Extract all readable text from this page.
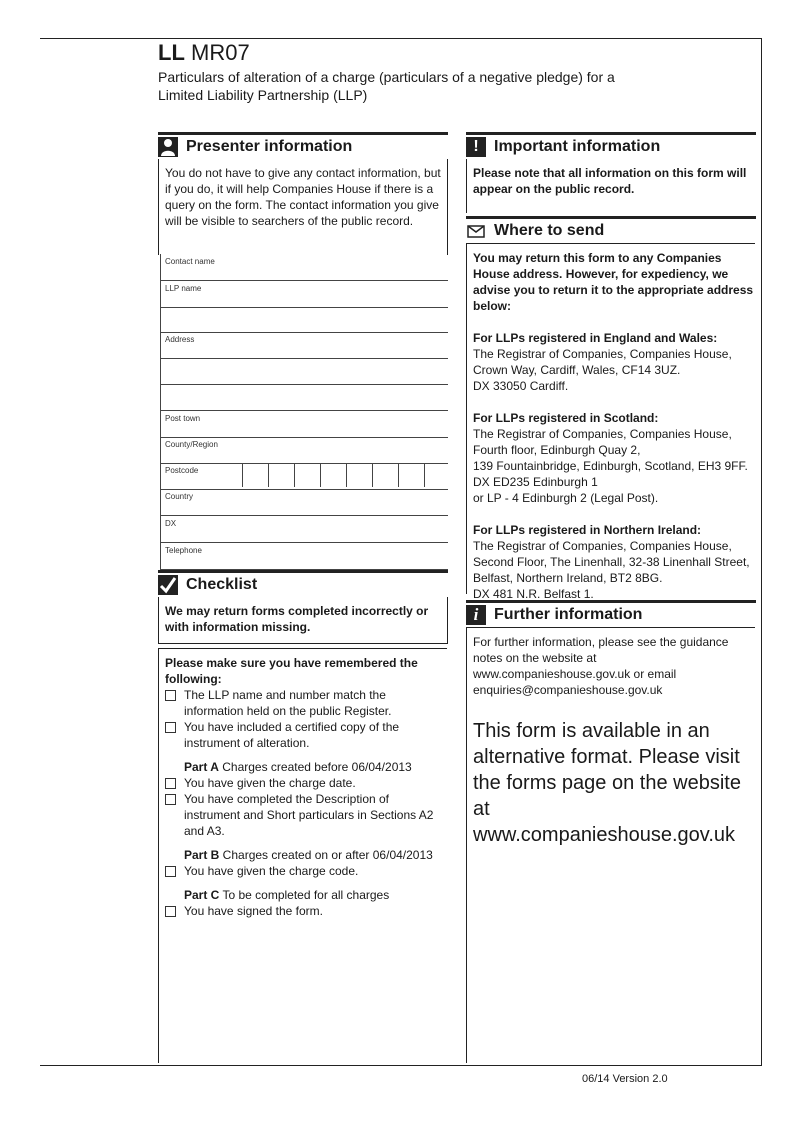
LL MR07
Particulars of alteration of a charge (particulars of a negative pledge) for a
Limited Liability Partnership (LLP)
Presenter information
You do not have to give any contact information, but if you do, it will help Companies House if there is a query on the form. The contact information you give will be visible to searchers of the public record.
Contact name
LLP name
Address
Post town
County/Region
Postcode
Country
DX
Telephone
Checklist
We may return forms completed incorrectly or with information missing.
Please make sure you have remembered the following:
The LLP name and number match the information held on the public Register.
You have included a certified copy of the instrument of alteration.
Part A Charges created before 06/04/2013
You have given the charge date.
You have completed the Description of instrument and Short particulars in Sections A2 and A3.
Part B Charges created on or after 06/04/2013
You have given the charge code.
Part C To be completed for all charges
You have signed the form.
! Important information
Please note that all information on this form will appear on the public record.
Where to send
You may return this form to any Companies House address. However, for expediency, we advise you to return it to the appropriate address below:
For LLPs registered in England and Wales:
The Registrar of Companies, Companies House,
Crown Way, Cardiff, Wales, CF14 3UZ.
DX 33050 Cardiff.
For LLPs registered in Scotland:
The Registrar of Companies, Companies House,
Fourth floor, Edinburgh Quay 2,
139 Fountainbridge, Edinburgh, Scotland, EH3 9FF.
DX ED235 Edinburgh 1
or LP - 4 Edinburgh 2 (Legal Post).
For LLPs registered in Northern Ireland:
The Registrar of Companies, Companies House,
Second Floor, The Linenhall, 32-38 Linenhall Street,
Belfast, Northern Ireland, BT2 8BG.
DX 481 N.R. Belfast 1.
i Further information
For further information, please see the guidance notes on the website at www.companieshouse.gov.uk or email enquiries@companieshouse.gov.uk
This form is available in an alternative format. Please visit the forms page on the website at www.companieshouse.gov.uk
06/14 Version 2.0
